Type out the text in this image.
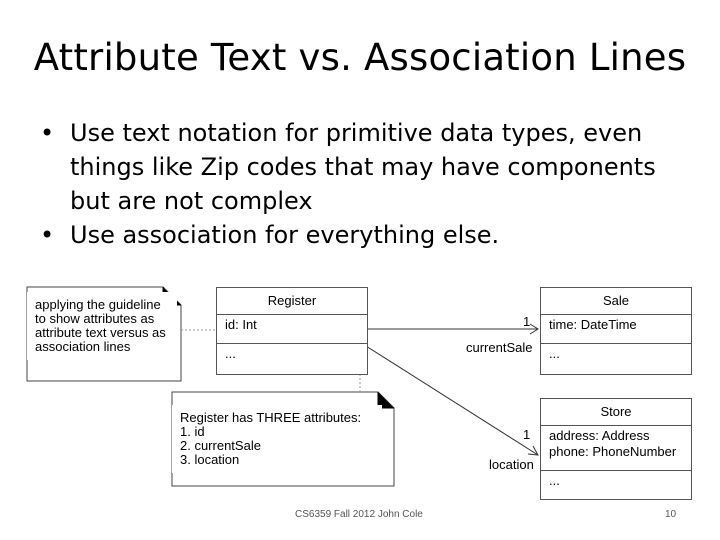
Attribute Text vs. Association Lines
• Use text notation for primitive data types, even things like Zip codes that may have components but are not complex
• Use association for everything else.
applying the guideline
to show attributes as
attribute text versus as
association lines
Register has THREE attributes:
1. id
2. currentSale
3. location
Register
id: Int
...
Sale
time: DateTime
...
Store
address: Address
phone: PhoneNumber
...
1
currentSale
1
location
CS6359 Fall 2012 John Cole	10
